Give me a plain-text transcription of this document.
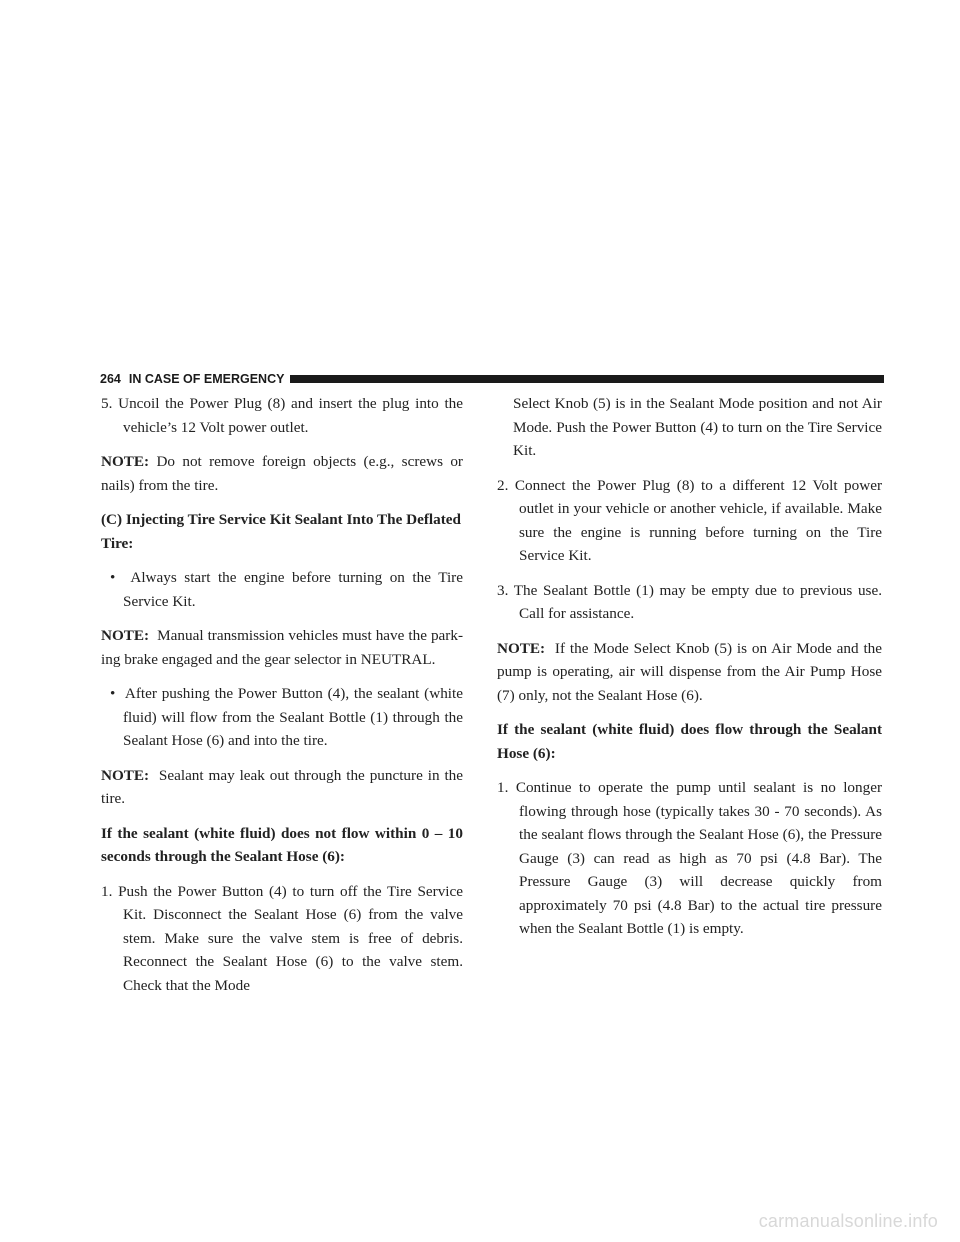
264 IN CASE OF EMERGENCY

5. Uncoil the Power Plug (8) and insert the plug into the vehicle’s 12 Volt power outlet.

NOTE: Do not remove foreign objects (e.g., screws or nails) from the tire.

(C) Injecting Tire Service Kit Sealant Into The Deflated Tire:

•  Always start the engine before turning on the Tire Service Kit.

NOTE: Manual transmission vehicles must have the park- ing brake engaged and the gear selector in NEUTRAL.

•  After pushing the Power Button (4), the sealant (white fluid) will flow from the Sealant Bottle (1) through the Sealant Hose (6) and into the tire.

NOTE: Sealant may leak out through the puncture in the tire.

If the sealant (white fluid) does not flow within 0 – 10 seconds through the Sealant Hose (6):

1. Push the Power Button (4) to turn off the Tire Service Kit. Disconnect the Sealant Hose (6) from the valve stem. Make sure the valve stem is free of debris. Reconnect the Sealant Hose (6) to the valve stem. Check that the Mode

Select Knob (5) is in the Sealant Mode position and not Air Mode. Push the Power Button (4) to turn on the Tire Service Kit.

2. Connect the Power Plug (8) to a different 12 Volt power outlet in your vehicle or another vehicle, if available. Make sure the engine is running before turning on the Tire Service Kit.

3. The Sealant Bottle (1) may be empty due to previous use. Call for assistance.

NOTE: If the Mode Select Knob (5) is on Air Mode and the pump is operating, air will dispense from the Air Pump Hose (7) only, not the Sealant Hose (6).

If the sealant (white fluid) does flow through the Sealant Hose (6):

1. Continue to operate the pump until sealant is no longer flowing through hose (typically takes 30 - 70 seconds). As the sealant flows through the Sealant Hose (6), the Pressure Gauge (3) can read as high as 70 psi (4.8 Bar). The Pressure Gauge (3) will decrease quickly from approximately 70 psi (4.8 Bar) to the actual tire pressure when the Sealant Bottle (1) is empty.

carmanualsonline.info
